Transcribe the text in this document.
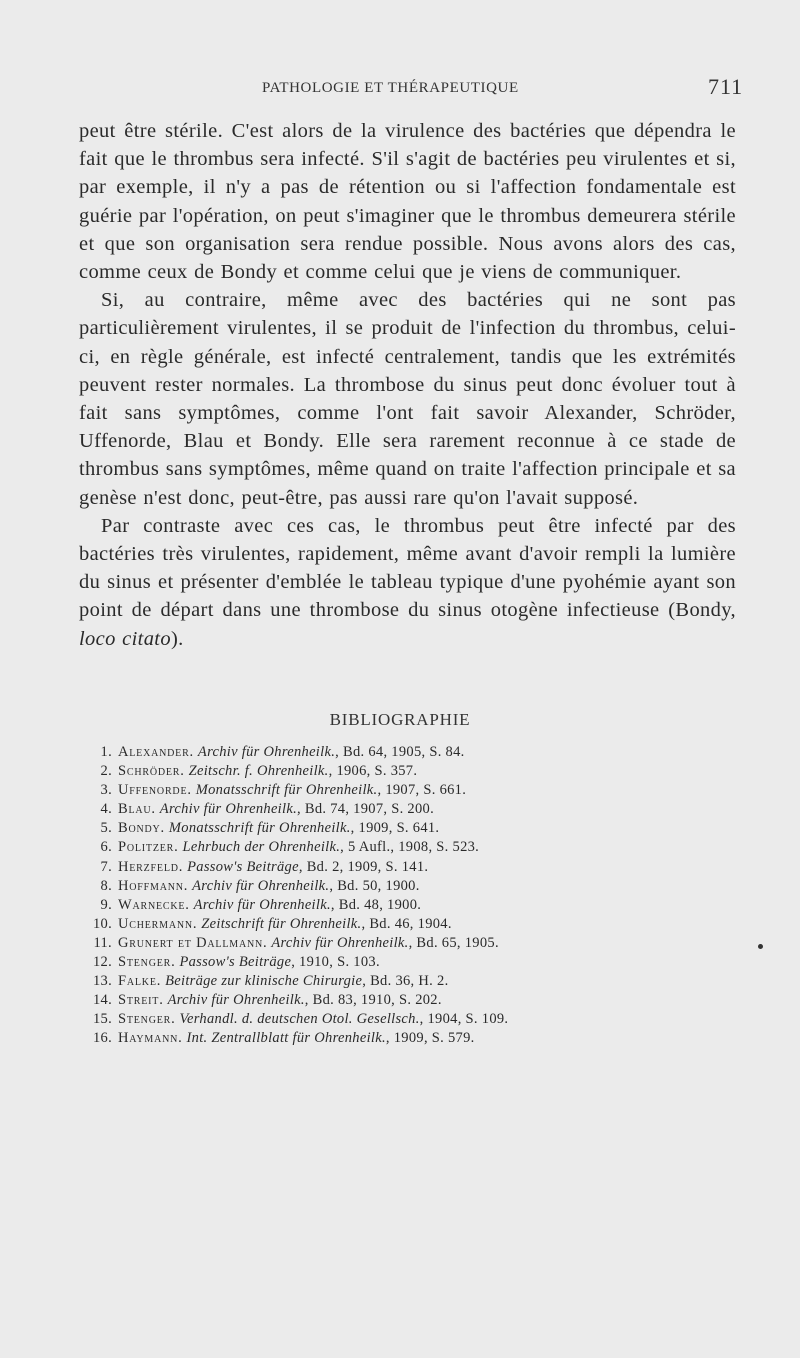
PATHOLOGIE ET THÉRAPEUTIQUE	711

peut être stérile. C'est alors de la virulence des bactéries que dépendra le fait que le thrombus sera infecté. S'il s'agit de bactéries peu virulentes et si, par exemple, il n'y a pas de rétention ou si l'affection fondamentale est guérie par l'opération, on peut s'imaginer que le thrombus demeurera stérile et que son organisation sera rendue possible. Nous avons alors des cas, comme ceux de Bondy et comme celui que je viens de communiquer.

Si, au contraire, même avec des bactéries qui ne sont pas particulièrement virulentes, il se produit de l'infection du thrombus, celui-ci, en règle générale, est infecté centralement, tandis que les extrémités peuvent rester normales. La thrombose du sinus peut donc évoluer tout à fait sans symptômes, comme l'ont fait savoir Alexander, Schröder, Uffenorde, Blau et Bondy. Elle sera rarement reconnue à ce stade de thrombus sans symptômes, même quand on traite l'affection principale et sa genèse n'est donc, peut-être, pas aussi rare qu'on l'avait supposé.

Par contraste avec ces cas, le thrombus peut être infecté par des bactéries très virulentes, rapidement, même avant d'avoir rempli la lumière du sinus et présenter d'emblée le tableau typique d'une pyohémie ayant son point de départ dans une thrombose du sinus otogène infectieuse (Bondy, loco citato).

BIBLIOGRAPHIE
1. Alexander. Archiv für Ohrenheilk., Bd. 64, 1905, S. 84.
2. Schröder. Zeitschr. f. Ohrenheilk., 1906, S. 357.
3. Uffenorde. Monatsschrift für Ohrenheilk., 1907, S. 661.
4. Blau. Archiv für Ohrenheilk., Bd. 74, 1907, S. 200.
5. Bondy. Monatsschrift für Ohrenheilk., 1909, S. 641.
6. Politzer. Lehrbuch der Ohrenheilk., 5 Aufl., 1908, S. 523.
7. Herzfeld. Passow's Beiträge, Bd. 2, 1909, S. 141.
8. Hoffmann. Archiv für Ohrenheilk., Bd. 50, 1900.
9. Warnecke. Archiv für Ohrenheilk., Bd. 48, 1900.
10. Uchermann. Zeitschrift für Ohrenheilk., Bd. 46, 1904.
11. Grunert et Dallmann. Archiv für Ohrenheilk., Bd. 65, 1905.
12. Stenger. Passow's Beiträge, 1910, S. 103.
13. Falke. Beiträge zur klinische Chirurgie, Bd. 36, H. 2.
14. Streit. Archiv für Ohrenheilk., Bd. 83, 1910, S. 202.
15. Stenger. Verhandl. d. deutschen Otol. Gesellsch., 1904, S. 109.
16. Haymann. Int. Zentrallblatt für Ohrenheilk., 1909, S. 579.
